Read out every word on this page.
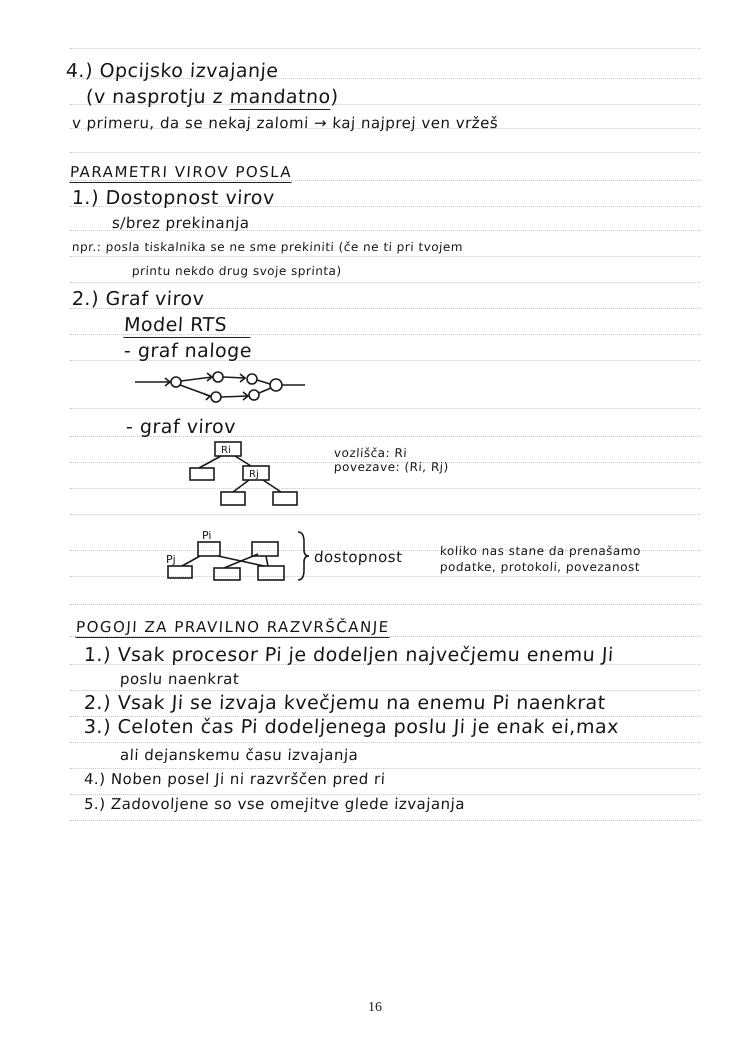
4.) Opcijsko izvajanje
(v nasprotju z mandatno)
v primeru, da se nekaj zalomi → kaj najprej ven vržeš
PARAMETRI VIROV POSLA
1.) Dostopnost virov
s/brez prekinanja
npr.: posla tiskalnika se ne sme prekiniti (če ne ti pri tvojem
printu nekdo drug svoje sprinta)
2.) Graf virov
Model RTS
- graf naloge
- graf virov
Ri
Rj
vozlišča: Ri
povezave: (Ri, Rj)
Pi
Pj	dostopnost	koliko nas stane da prenašamo
podatke, protokoli, povezanost
POGOJI ZA PRAVILNO RAZVRŠČANJE
1.) Vsak procesor Pi je dodeljen največjemu enemu Ji
poslu naenkrat
2.) Vsak Ji se izvaja kvečjemu na enemu Pi naenkrat
3.) Celoten čas Pi dodeljenega poslu Ji je enak ei,max
ali dejanskemu času izvajanja
4.) Noben posel Ji ni razvrščen pred ri
5.) Zadovoljene so vse omejitve glede izvajanja
16
